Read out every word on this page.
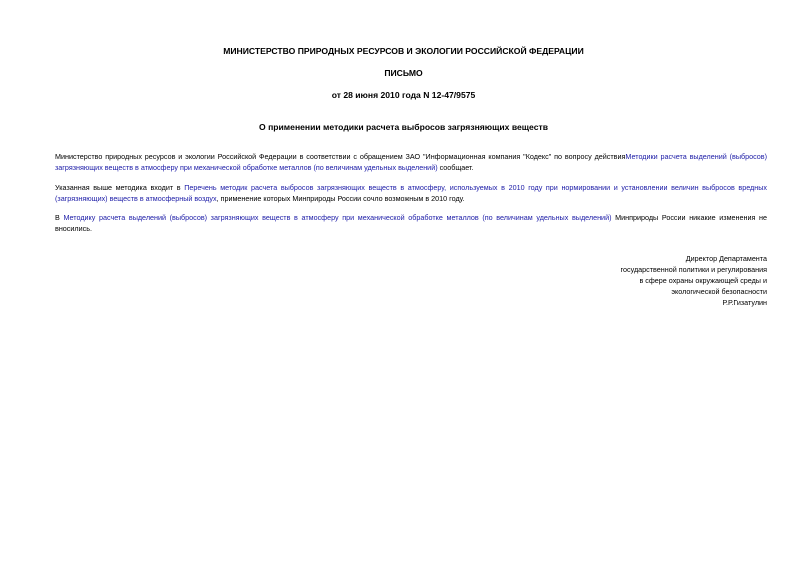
МИНИСТЕРСТВО ПРИРОДНЫХ РЕСУРСОВ И ЭКОЛОГИИ РОССИЙСКОЙ ФЕДЕРАЦИИ
ПИСЬМО
от 28 июня 2010 года N 12-47/9575
О применении методики расчета выбросов загрязняющих веществ
Министерство природных ресурсов и экологии Российской Федерации в соответствии с обращением ЗАО "Информационная компания "Кодекс" по вопросу действияМетодики расчета выделений (выбросов) загрязняющих веществ в атмосферу при механической обработке металлов (по величинам удельных выделений) сообщает.
Указанная выше методика входит в Перечень методик расчета выбросов загрязняющих веществ в атмосферу, используемых в 2010 году при нормировании и установлении величин выбросов вредных (загрязняющих) веществ в атмосферный воздух, применение которых Минприроды России сочло возможным в 2010 году.
В Методику расчета выделений (выбросов) загрязняющих веществ в атмосферу при механической обработке металлов (по величинам удельных выделений) Минприроды России никакие изменения не вносились.
Директор Департамента
государственной политики и регулирования
в сфере охраны окружающей среды и
экологической безопасности
Р.Р.Гизатулин
